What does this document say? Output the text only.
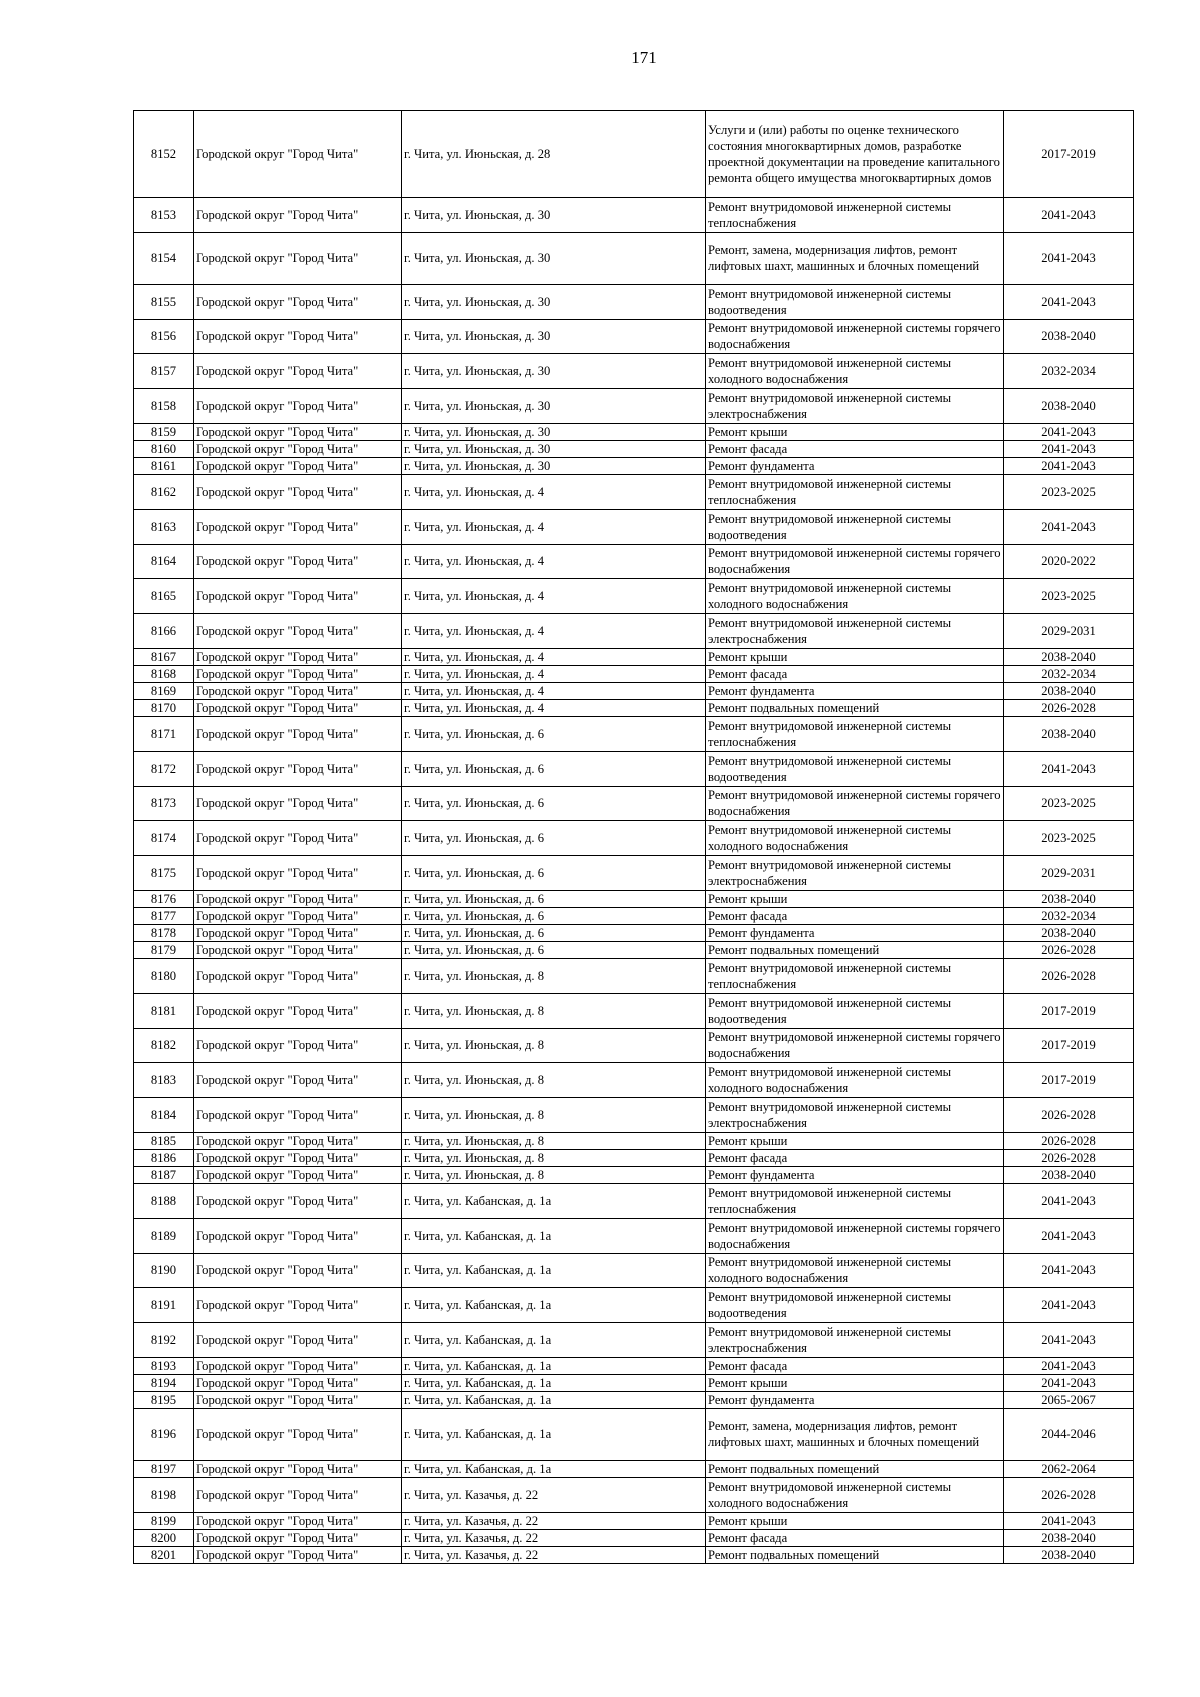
171
8152	Городской округ "Город Чита"	г. Чита, ул. Июньская, д. 28	Услуги и (или) работы по оценке технического состояния многоквартирных домов, разработке проектной документации на проведение капитального ремонта общего имущества многоквартирных домов	2017-2019
8153	Городской округ "Город Чита"	г. Чита, ул. Июньская, д. 30	Ремонт внутридомовой инженерной системы теплоснабжения	2041-2043
8154	Городской округ "Город Чита"	г. Чита, ул. Июньская, д. 30	Ремонт, замена, модернизация лифтов, ремонт лифтовых шахт, машинных и блочных помещений	2041-2043
8155	Городской округ "Город Чита"	г. Чита, ул. Июньская, д. 30	Ремонт внутридомовой инженерной системы водоотведения	2041-2043
8156	Городской округ "Город Чита"	г. Чита, ул. Июньская, д. 30	Ремонт внутридомовой инженерной системы горячего водоснабжения	2038-2040
8157	Городской округ "Город Чита"	г. Чита, ул. Июньская, д. 30	Ремонт внутридомовой инженерной системы холодного водоснабжения	2032-2034
8158	Городской округ "Город Чита"	г. Чита, ул. Июньская, д. 30	Ремонт внутридомовой инженерной системы электроснабжения	2038-2040
8159	Городской округ "Город Чита"	г. Чита, ул. Июньская, д. 30	Ремонт крыши	2041-2043
8160	Городской округ "Город Чита"	г. Чита, ул. Июньская, д. 30	Ремонт фасада	2041-2043
8161	Городской округ "Город Чита"	г. Чита, ул. Июньская, д. 30	Ремонт фундамента	2041-2043
8162	Городской округ "Город Чита"	г. Чита, ул. Июньская, д. 4	Ремонт внутридомовой инженерной системы теплоснабжения	2023-2025
8163	Городской округ "Город Чита"	г. Чита, ул. Июньская, д. 4	Ремонт внутридомовой инженерной системы водоотведения	2041-2043
8164	Городской округ "Город Чита"	г. Чита, ул. Июньская, д. 4	Ремонт внутридомовой инженерной системы горячего водоснабжения	2020-2022
8165	Городской округ "Город Чита"	г. Чита, ул. Июньская, д. 4	Ремонт внутридомовой инженерной системы холодного водоснабжения	2023-2025
8166	Городской округ "Город Чита"	г. Чита, ул. Июньская, д. 4	Ремонт внутридомовой инженерной системы электроснабжения	2029-2031
8167	Городской округ "Город Чита"	г. Чита, ул. Июньская, д. 4	Ремонт крыши	2038-2040
8168	Городской округ "Город Чита"	г. Чита, ул. Июньская, д. 4	Ремонт фасада	2032-2034
8169	Городской округ "Город Чита"	г. Чита, ул. Июньская, д. 4	Ремонт фундамента	2038-2040
8170	Городской округ "Город Чита"	г. Чита, ул. Июньская, д. 4	Ремонт подвальных помещений	2026-2028
8171	Городской округ "Город Чита"	г. Чита, ул. Июньская, д. 6	Ремонт внутридомовой инженерной системы теплоснабжения	2038-2040
8172	Городской округ "Город Чита"	г. Чита, ул. Июньская, д. 6	Ремонт внутридомовой инженерной системы водоотведения	2041-2043
8173	Городской округ "Город Чита"	г. Чита, ул. Июньская, д. 6	Ремонт внутридомовой инженерной системы горячего водоснабжения	2023-2025
8174	Городской округ "Город Чита"	г. Чита, ул. Июньская, д. 6	Ремонт внутридомовой инженерной системы холодного водоснабжения	2023-2025
8175	Городской округ "Город Чита"	г. Чита, ул. Июньская, д. 6	Ремонт внутридомовой инженерной системы электроснабжения	2029-2031
8176	Городской округ "Город Чита"	г. Чита, ул. Июньская, д. 6	Ремонт крыши	2038-2040
8177	Городской округ "Город Чита"	г. Чита, ул. Июньская, д. 6	Ремонт фасада	2032-2034
8178	Городской округ "Город Чита"	г. Чита, ул. Июньская, д. 6	Ремонт фундамента	2038-2040
8179	Городской округ "Город Чита"	г. Чита, ул. Июньская, д. 6	Ремонт подвальных помещений	2026-2028
8180	Городской округ "Город Чита"	г. Чита, ул. Июньская, д. 8	Ремонт внутридомовой инженерной системы теплоснабжения	2026-2028
8181	Городской округ "Город Чита"	г. Чита, ул. Июньская, д. 8	Ремонт внутридомовой инженерной системы водоотведения	2017-2019
8182	Городской округ "Город Чита"	г. Чита, ул. Июньская, д. 8	Ремонт внутридомовой инженерной системы горячего водоснабжения	2017-2019
8183	Городской округ "Город Чита"	г. Чита, ул. Июньская, д. 8	Ремонт внутридомовой инженерной системы холодного водоснабжения	2017-2019
8184	Городской округ "Город Чита"	г. Чита, ул. Июньская, д. 8	Ремонт внутридомовой инженерной системы электроснабжения	2026-2028
8185	Городской округ "Город Чита"	г. Чита, ул. Июньская, д. 8	Ремонт крыши	2026-2028
8186	Городской округ "Город Чита"	г. Чита, ул. Июньская, д. 8	Ремонт фасада	2026-2028
8187	Городской округ "Город Чита"	г. Чита, ул. Июньская, д. 8	Ремонт фундамента	2038-2040
8188	Городской округ "Город Чита"	г. Чита, ул. Кабанская, д. 1а	Ремонт внутридомовой инженерной системы теплоснабжения	2041-2043
8189	Городской округ "Город Чита"	г. Чита, ул. Кабанская, д. 1а	Ремонт внутридомовой инженерной системы горячего водоснабжения	2041-2043
8190	Городской округ "Город Чита"	г. Чита, ул. Кабанская, д. 1а	Ремонт внутридомовой инженерной системы холодного водоснабжения	2041-2043
8191	Городской округ "Город Чита"	г. Чита, ул. Кабанская, д. 1а	Ремонт внутридомовой инженерной системы водоотведения	2041-2043
8192	Городской округ "Город Чита"	г. Чита, ул. Кабанская, д. 1а	Ремонт внутридомовой инженерной системы электроснабжения	2041-2043
8193	Городской округ "Город Чита"	г. Чита, ул. Кабанская, д. 1а	Ремонт фасада	2041-2043
8194	Городской округ "Город Чита"	г. Чита, ул. Кабанская, д. 1а	Ремонт крыши	2041-2043
8195	Городской округ "Город Чита"	г. Чита, ул. Кабанская, д. 1а	Ремонт фундамента	2065-2067
8196	Городской округ "Город Чита"	г. Чита, ул. Кабанская, д. 1а	Ремонт, замена, модернизация лифтов, ремонт лифтовых шахт, машинных и блочных помещений	2044-2046
8197	Городской округ "Город Чита"	г. Чита, ул. Кабанская, д. 1а	Ремонт подвальных помещений	2062-2064
8198	Городской округ "Город Чита"	г. Чита, ул. Казачья, д. 22	Ремонт внутридомовой инженерной системы холодного водоснабжения	2026-2028
8199	Городской округ "Город Чита"	г. Чита, ул. Казачья, д. 22	Ремонт крыши	2041-2043
8200	Городской округ "Город Чита"	г. Чита, ул. Казачья, д. 22	Ремонт фасада	2038-2040
8201	Городской округ "Город Чита"	г. Чита, ул. Казачья, д. 22	Ремонт подвальных помещений	2038-2040
